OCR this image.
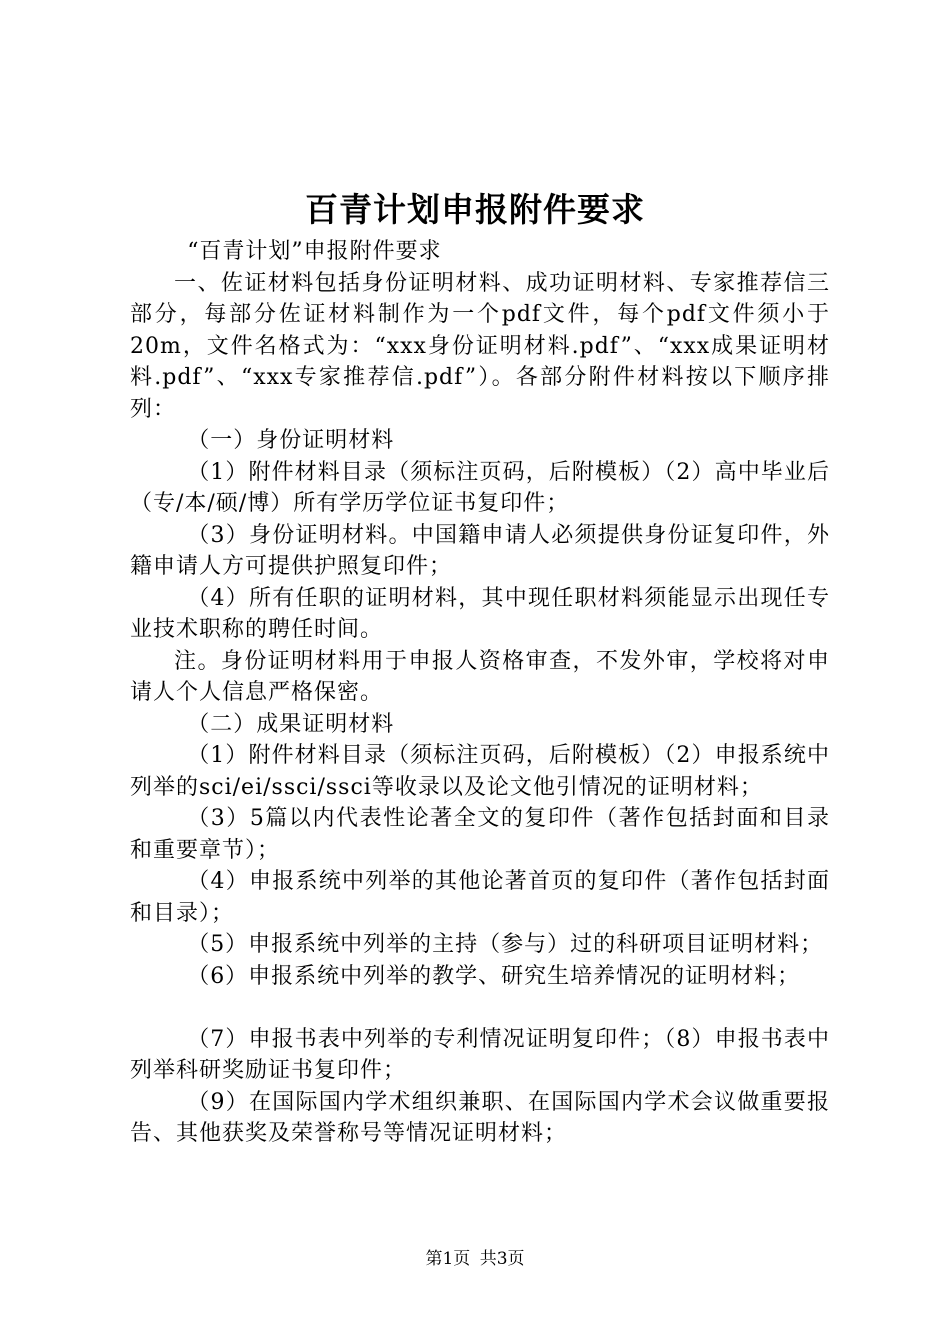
百青计划申报附件要求

“百青计划”申报附件要求

一、佐证材料包括身份证明材料、成功证明材料、专家推荐信三部分，每部分佐证材料制作为一个pdf文件，每个pdf文件须小于20m，文件名格式为：“xxx身份证明材料.pdf”、“xxx成果证明材料.pdf”、“xxx专家推荐信.pdf”）。各部分附件材料按以下顺序排列：

（一）身份证明材料

（1）附件材料目录（须标注页码，后附模板）（2）高中毕业后（专/本/硕/博）所有学历学位证书复印件；

（3）身份证明材料。中国籍申请人必须提供身份证复印件，外籍申请人方可提供护照复印件；

（4）所有任职的证明材料，其中现任职材料须能显示出现任专业技术职称的聘任时间。

注。身份证明材料用于申报人资格审查，不发外审，学校将对申请人个人信息严格保密。

（二）成果证明材料

（1）附件材料目录（须标注页码，后附模板）（2）申报系统中列举的sci/ei/ssci/ssci等收录以及论文他引情况的证明材料；

（3）5篇以内代表性论著全文的复印件（著作包括封面和目录和重要章节）；

（4）申报系统中列举的其他论著首页的复印件（著作包括封面和目录）；

（5）申报系统中列举的主持（参与）过的科研项目证明材料；

（6）申报系统中列举的教学、研究生培养情况的证明材料；

（7）申报书表中列举的专利情况证明复印件；（8）申报书表中列举科研奖励证书复印件；

（9）在国际国内学术组织兼职、在国际国内学术会议做重要报告、其他获奖及荣誉称号等情况证明材料；

第1页 共3页
